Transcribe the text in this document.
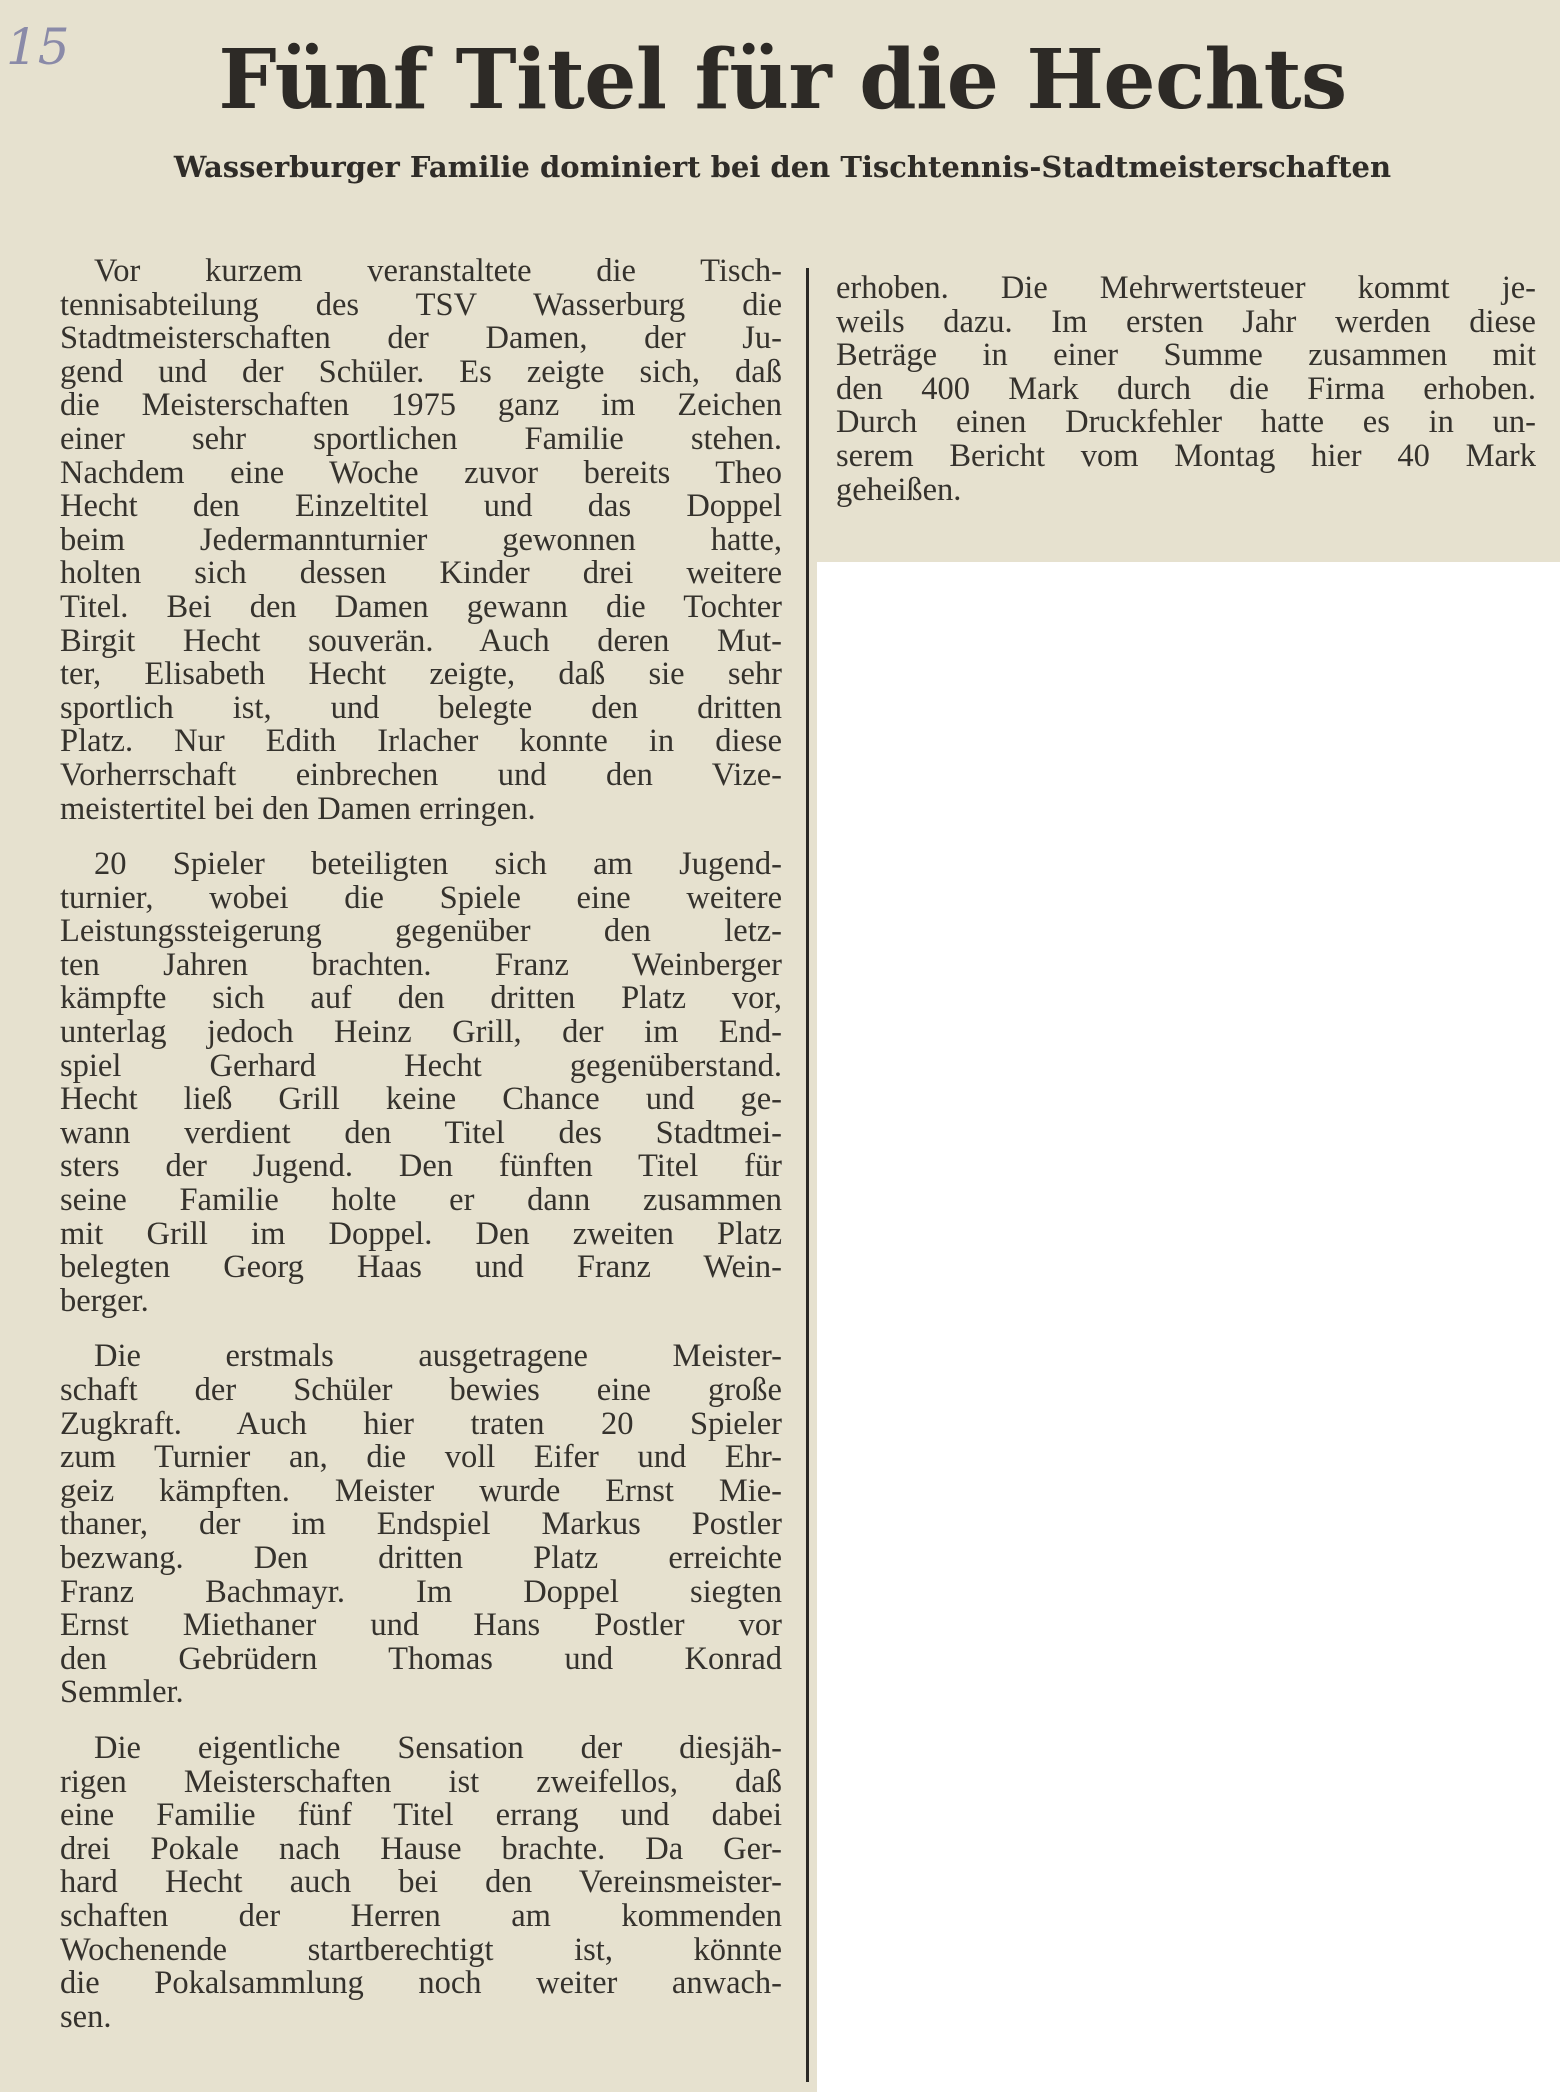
15	Fünf Titel für die Hechts
Wasserburger Familie dominiert bei den Tischtennis-Stadtmeisterschaften
Vor kurzem veranstaltete die Tisch-
tennisabteilung des TSV Wasserburg die
Stadtmeisterschaften der Damen, der Ju-
gend und der Schüler. Es zeigte sich, daß
die Meisterschaften 1975 ganz im Zeichen
einer sehr sportlichen Familie stehen.
Nachdem eine Woche zuvor bereits Theo
Hecht den Einzeltitel und das Doppel
beim Jedermannturnier gewonnen hatte,
holten sich dessen Kinder drei weitere
Titel. Bei den Damen gewann die Tochter
Birgit Hecht souverän. Auch deren Mut-
ter, Elisabeth Hecht zeigte, daß sie sehr
sportlich ist, und belegte den dritten
Platz. Nur Edith Irlacher konnte in diese
Vorherrschaft einbrechen und den Vize-
meistertitel bei den Damen erringen.
20 Spieler beteiligten sich am Jugend-
turnier, wobei die Spiele eine weitere
Leistungssteigerung gegenüber den letz-
ten Jahren brachten. Franz Weinberger
kämpfte sich auf den dritten Platz vor,
unterlag jedoch Heinz Grill, der im End-
spiel Gerhard Hecht gegenüberstand.
Hecht ließ Grill keine Chance und ge-
wann verdient den Titel des Stadtmei-
sters der Jugend. Den fünften Titel für
seine Familie holte er dann zusammen
mit Grill im Doppel. Den zweiten Platz
belegten Georg Haas und Franz Wein-
berger.
Die erstmals ausgetragene Meister-
schaft der Schüler bewies eine große
Zugkraft. Auch hier traten 20 Spieler
zum Turnier an, die voll Eifer und Ehr-
geiz kämpften. Meister wurde Ernst Mie-
thaner, der im Endspiel Markus Postler
bezwang. Den dritten Platz erreichte
Franz Bachmayr. Im Doppel siegten
Ernst Miethaner und Hans Postler vor
den Gebrüdern Thomas und Konrad
Semmler.
Die eigentliche Sensation der diesjäh-
rigen Meisterschaften ist zweifellos, daß
eine Familie fünf Titel errang und dabei
drei Pokale nach Hause brachte. Da Ger-
hard Hecht auch bei den Vereinsmeister-
schaften der Herren am kommenden
Wochenende startberechtigt ist, könnte
die Pokalsammlung noch weiter anwach-
sen.
erhoben. Die Mehrwertsteuer kommt je-
weils dazu. Im ersten Jahr werden diese
Beträge in einer Summe zusammen mit
den 400 Mark durch die Firma erhoben.
Durch einen Druckfehler hatte es in un-
serem Bericht vom Montag hier 40 Mark
geheißen.
